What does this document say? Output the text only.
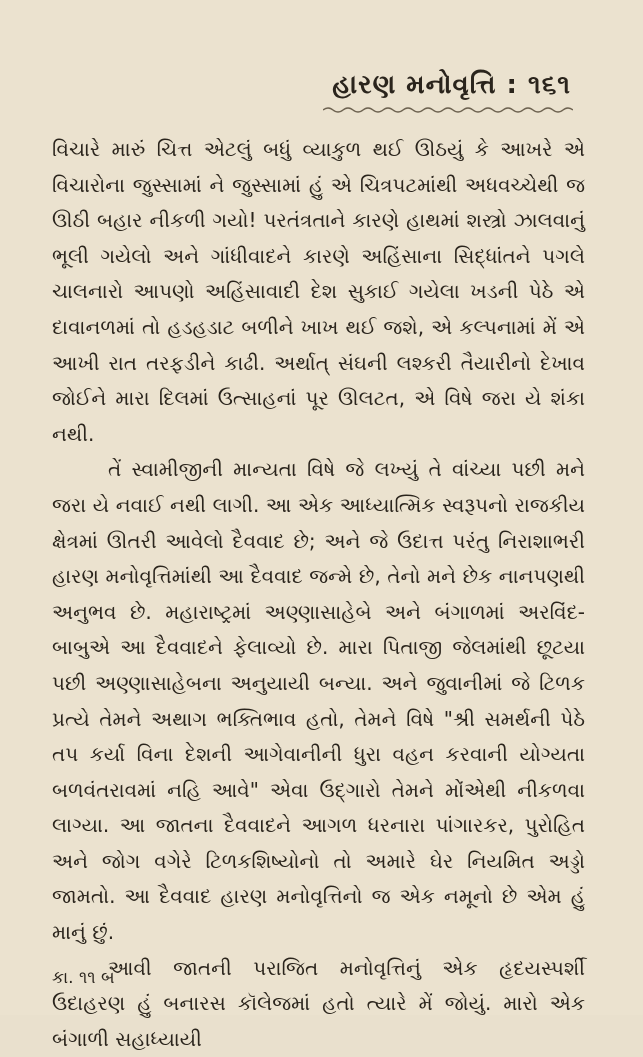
હારણ મનોવૃત્તિ : ૧૬૧

વિચારે મારું ચિત્ત એટલું બધું વ્યાકુળ થઈ ઊઠયું કે આખરે એ વિચારોના જુસ્સામાં ને જુસ્સામાં હું એ ચિત્રપટમાંથી અધવચ્ચેથી જ ઊઠી બહાર નીકળી ગયો! પરતંત્રતાને કારણે હાથમાં શસ્ત્રો ઝાલવાનું ભૂલી ગયેલો અને ગાંધીવાદને કારણે અહિંસાના સિદ્ધાંતને પગલે ચાલનારો આપણો અહિંસાવાદી દેશ સુકાઈ ગયેલા ખડની પેઠે એ દાવાનળમાં તો હડહડાટ બળીને ખાખ થઈ જશે, એ કલ્પનામાં મેં એ આખી રાત તરફડીને કાઢી. અર્થાત્ સંઘની લશ્કરી તૈયારીનો દેખાવ જોઈને મારા દિલમાં ઉત્સાહનાં પૂર ઊલટત, એ વિષે જરા યે શંકા નથી.

તેં સ્વામીજીની માન્યતા વિષે જે લખ્યું તે વાંચ્યા પછી મને જરા યે નવાઈ નથી લાગી. આ એક આધ્યાત્મિક સ્વરૂપનો રાજકીય ક્ષેત્રમાં ઊતરી આવેલો દૈવવાદ છે; અને જે ઉદાત્ત પરંતુ નિરાશાભરી હારણ મનોવૃત્તિમાંથી આ દૈવવાદ જન્મે છે, તેનો મને છેક નાનપણથી અનુભવ છે. મહારાષ્ટ્રમાં અણ્ણાસાહેબે અને બંગાળમાં અરવિંદ-બાબુએ આ દૈવવાદને ફેલાવ્યો છે. મારા પિતાજી જેલમાંથી છૂટયા પછી અણ્ણાસાહેબના અનુયાયી બન્યા. અને જુવાનીમાં જે ટિળક પ્રત્યે તેમને અથાગ ભક્તિભાવ હતો, તેમને વિષે "શ્રી સમર્થની પેઠે તપ કર્યા વિના દેશની આગેવાનીની ધુરા વહન કરવાની યોગ્યતા બળવંતરાવમાં નહિ આવે" એવા ઉદ્ગારો તેમને મોંએથી નીકળવા લાગ્યા. આ જાતના દૈવવાદને આગળ ધરનારા પાંગારકર, પુરોહિત અને જોગ વગેરે ટિળકશિષ્યોનો તો અમારે ઘેર નિયમિત અડ્ડો જામતો. આ દૈવવાદ હારણ મનોવૃત્તિનો જ એક નમૂનો છે એમ હું માનું છું.

આવી જાતની પરાજિત મનોવૃત્તિનું એક હૃદયસ્પર્શી ઉદાહરણ હું બનારસ કૉલેજમાં હતો ત્યારે મેં જોયું. મારો એક બંગાળી સહાધ્યાયી

કા. ૧૧ બ
